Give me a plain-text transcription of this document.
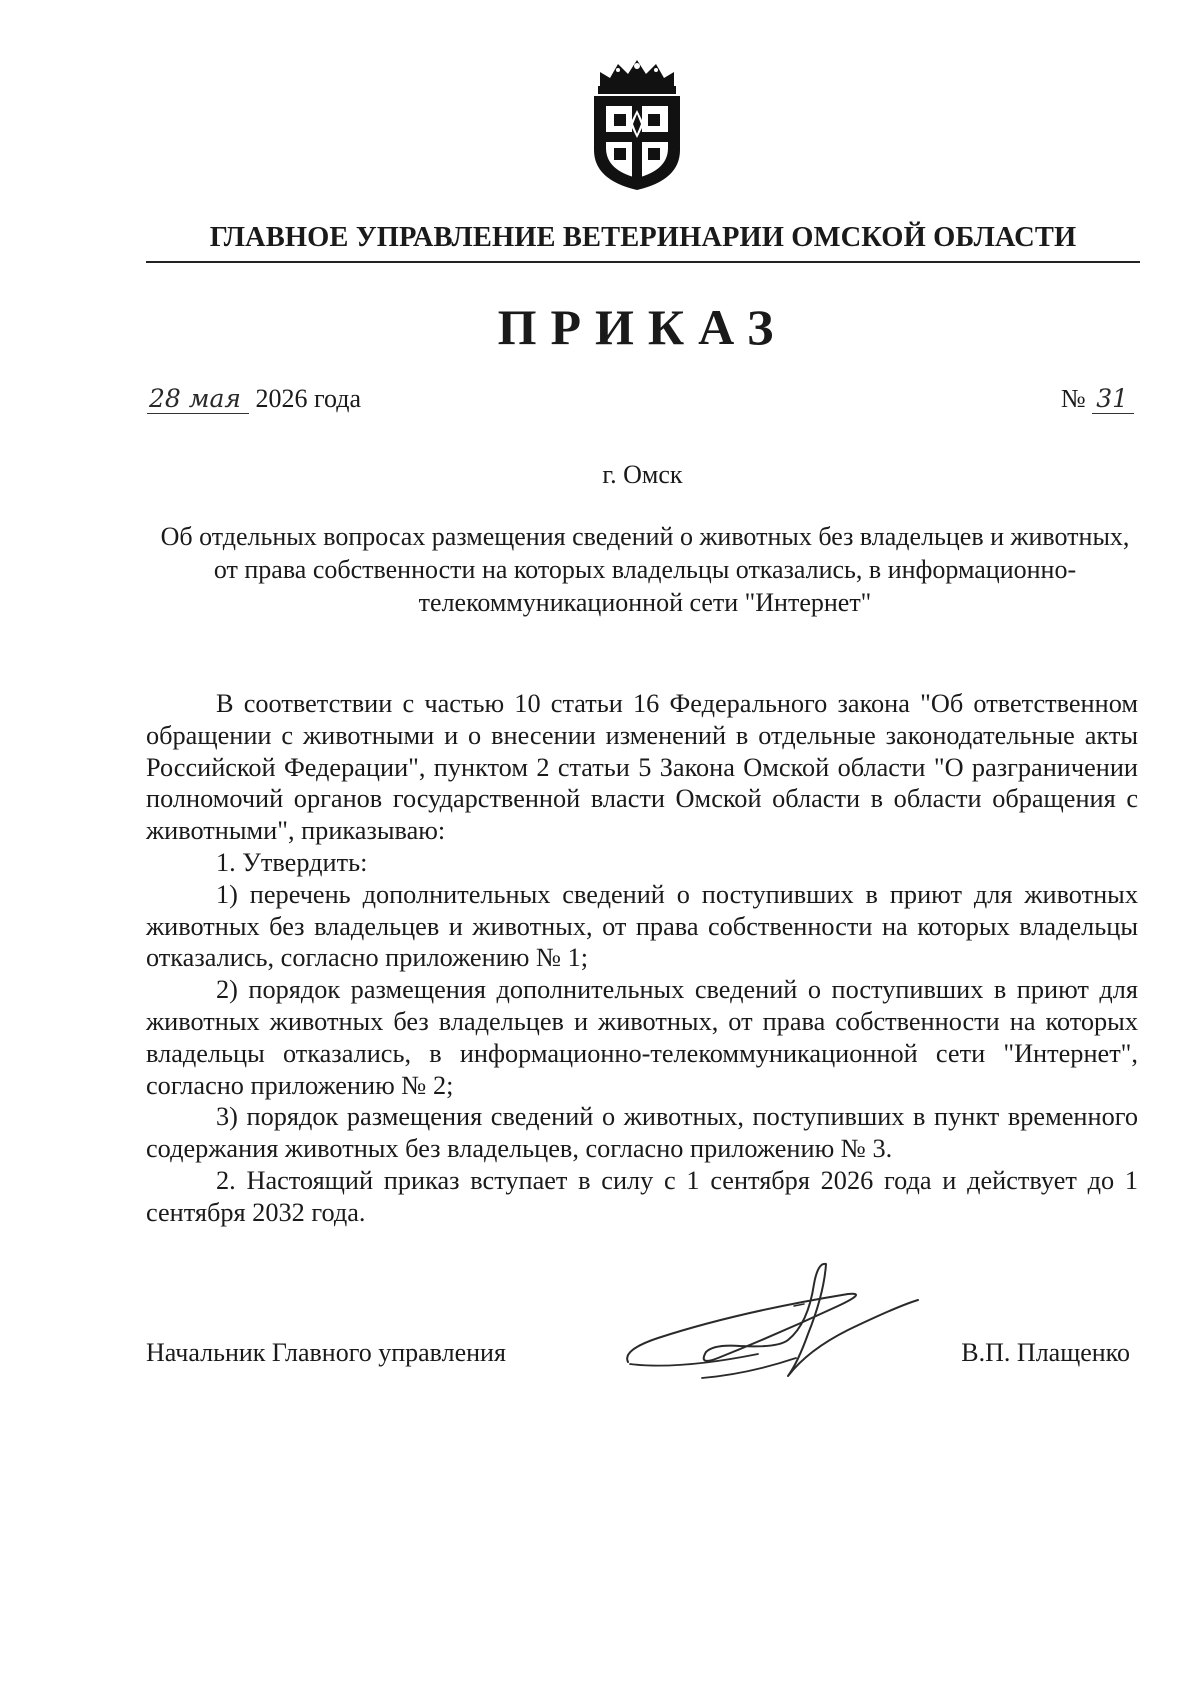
ГЛАВНОЕ УПРАВЛЕНИЕ ВЕТЕРИНАРИИ ОМСКОЙ ОБЛАСТИ
ПРИКАЗ
28 мая 2026 года	№ 31
г. Омск
Об отдельных вопросах размещения сведений о животных без владельцев и животных, от права собственности на которых владельцы отказались, в информационно-телекоммуникационной сети "Интернет"

В соответствии с частью 10 статьи 16 Федерального закона "Об ответственном обращении с животными и о внесении изменений в отдельные законодательные акты Российской Федерации", пунктом 2 статьи 5 Закона Омской области "О разграничении полномочий органов государственной власти Омской области в области обращения с животными", приказываю:

1. Утвердить:

1) перечень дополнительных сведений о поступивших в приют для животных животных без владельцев и животных, от права собственности на которых владельцы отказались, согласно приложению № 1;

2) порядок размещения дополнительных сведений о поступивших в приют для животных животных без владельцев и животных, от права собственности на которых владельцы отказались, в информационно-телекоммуникационной сети "Интернет", согласно приложению № 2;

3) порядок размещения сведений о животных, поступивших в пункт временного содержания животных без владельцев, согласно приложению № 3.

2. Настоящий приказ вступает в силу с 1 сентября 2026 года и действует до 1 сентября 2032 года.

Начальник Главного управления	В.П. Плащенко
